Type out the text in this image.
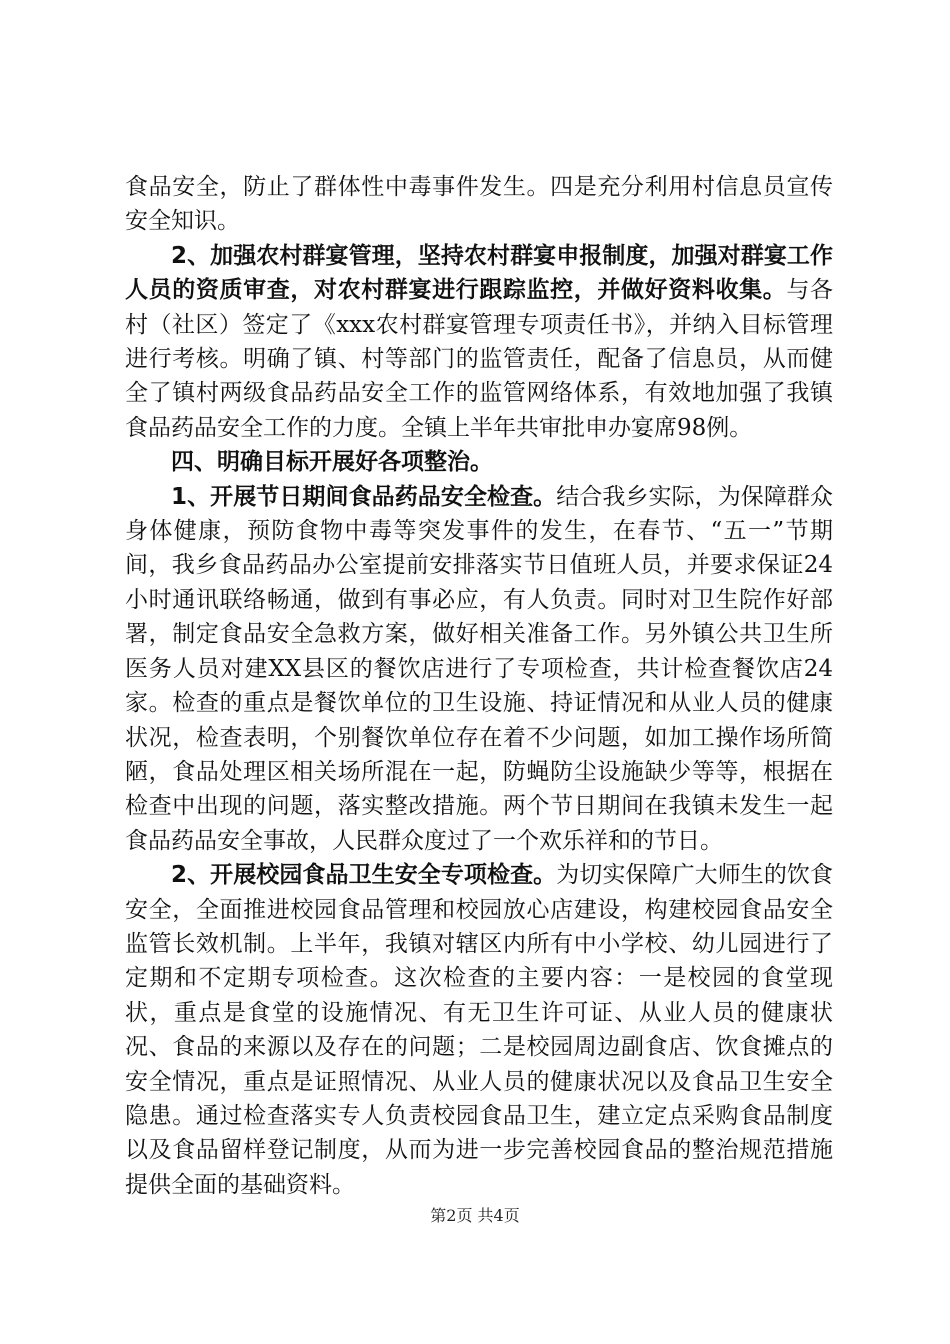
食品安全，防止了群体性中毒事件发生。四是充分利用村信息员宣传安全知识。

2、加强农村群宴管理，坚持农村群宴申报制度，加强对群宴工作人员的资质审查，对农村群宴进行跟踪监控，并做好资料收集。与各村（社区）签定了《xxx农村群宴管理专项责任书》，并纳入目标管理进行考核。明确了镇、村等部门的监管责任，配备了信息员，从而健全了镇村两级食品药品安全工作的监管网络体系，有效地加强了我镇食品药品安全工作的力度。全镇上半年共审批申办宴席98例。

四、明确目标开展好各项整治。

1、开展节日期间食品药品安全检查。结合我乡实际，为保障群众身体健康，预防食物中毒等突发事件的发生，在春节、“五一”节期间，我乡食品药品办公室提前安排落实节日值班人员，并要求保证24小时通讯联络畅通，做到有事必应，有人负责。同时对卫生院作好部署，制定食品安全急救方案，做好相关准备工作。另外镇公共卫生所医务人员对建XX县区的餐饮店进行了专项检查，共计检查餐饮店24家。检查的重点是餐饮单位的卫生设施、持证情况和从业人员的健康状况，检查表明，个别餐饮单位存在着不少问题，如加工操作场所简陋，食品处理区相关场所混在一起，防蝇防尘设施缺少等等，根据在检查中出现的问题，落实整改措施。两个节日期间在我镇未发生一起食品药品安全事故，人民群众度过了一个欢乐祥和的节日。

2、开展校园食品卫生安全专项检查。为切实保障广大师生的饮食安全，全面推进校园食品管理和校园放心店建设，构建校园食品安全监管长效机制。上半年，我镇对辖区内所有中小学校、幼儿园进行了定期和不定期专项检查。这次检查的主要内容：一是校园的食堂现状，重点是食堂的设施情况、有无卫生许可证、从业人员的健康状况、食品的来源以及存在的问题；二是校园周边副食店、饮食摊点的安全情况，重点是证照情况、从业人员的健康状况以及食品卫生安全隐患。通过检查落实专人负责校园食品卫生，建立定点采购食品制度以及食品留样登记制度，从而为进一步完善校园食品的整治规范措施提供全面的基础资料。

第2页 共4页
